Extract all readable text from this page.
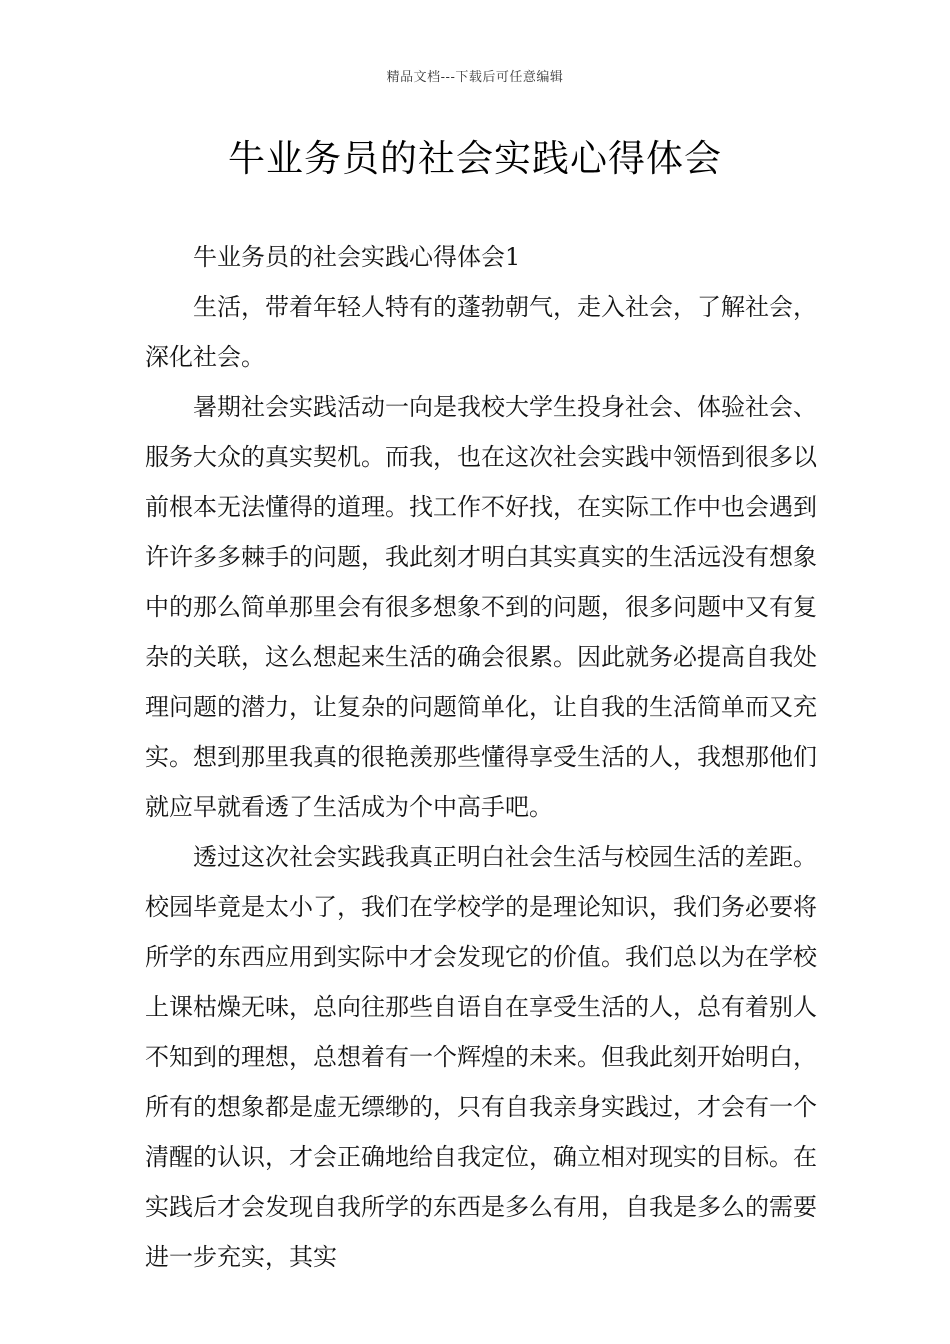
精品文档---下载后可任意编辑
牛业务员的社会实践心得体会

牛业务员的社会实践心得体会1

生活，带着年轻人特有的蓬勃朝气，走入社会，了解社会，深化社会。

暑期社会实践活动一向是我校大学生投身社会、体验社会、服务大众的真实契机。而我，也在这次社会实践中领悟到很多以前根本无法懂得的道理。找工作不好找，在实际工作中也会遇到许许多多棘手的问题，我此刻才明白其实真实的生活远没有想象中的那么简单那里会有很多想象不到的问题，很多问题中又有复杂的关联，这么想起来生活的确会很累。因此就务必提高自我处理问题的潜力，让复杂的问题简单化，让自我的生活简单而又充实。想到那里我真的很艳羡那些懂得享受生活的人，我想那他们就应早就看透了生活成为个中高手吧。

透过这次社会实践我真正明白社会生活与校园生活的差距。校园毕竟是太小了，我们在学校学的是理论知识，我们务必要将所学的东西应用到实际中才会发现它的价值。我们总以为在学校上课枯燥无味，总向往那些自语自在享受生活的人，总有着别人不知到的理想，总想着有一个辉煌的未来。但我此刻开始明白，所有的想象都是虚无缥缈的，只有自我亲身实践过，才会有一个清醒的认识，才会正确地给自我定位，确立相对现实的目标。在实践后才会发现自我所学的东西是多么有用，自我是多么的需要进一步充实，其实
